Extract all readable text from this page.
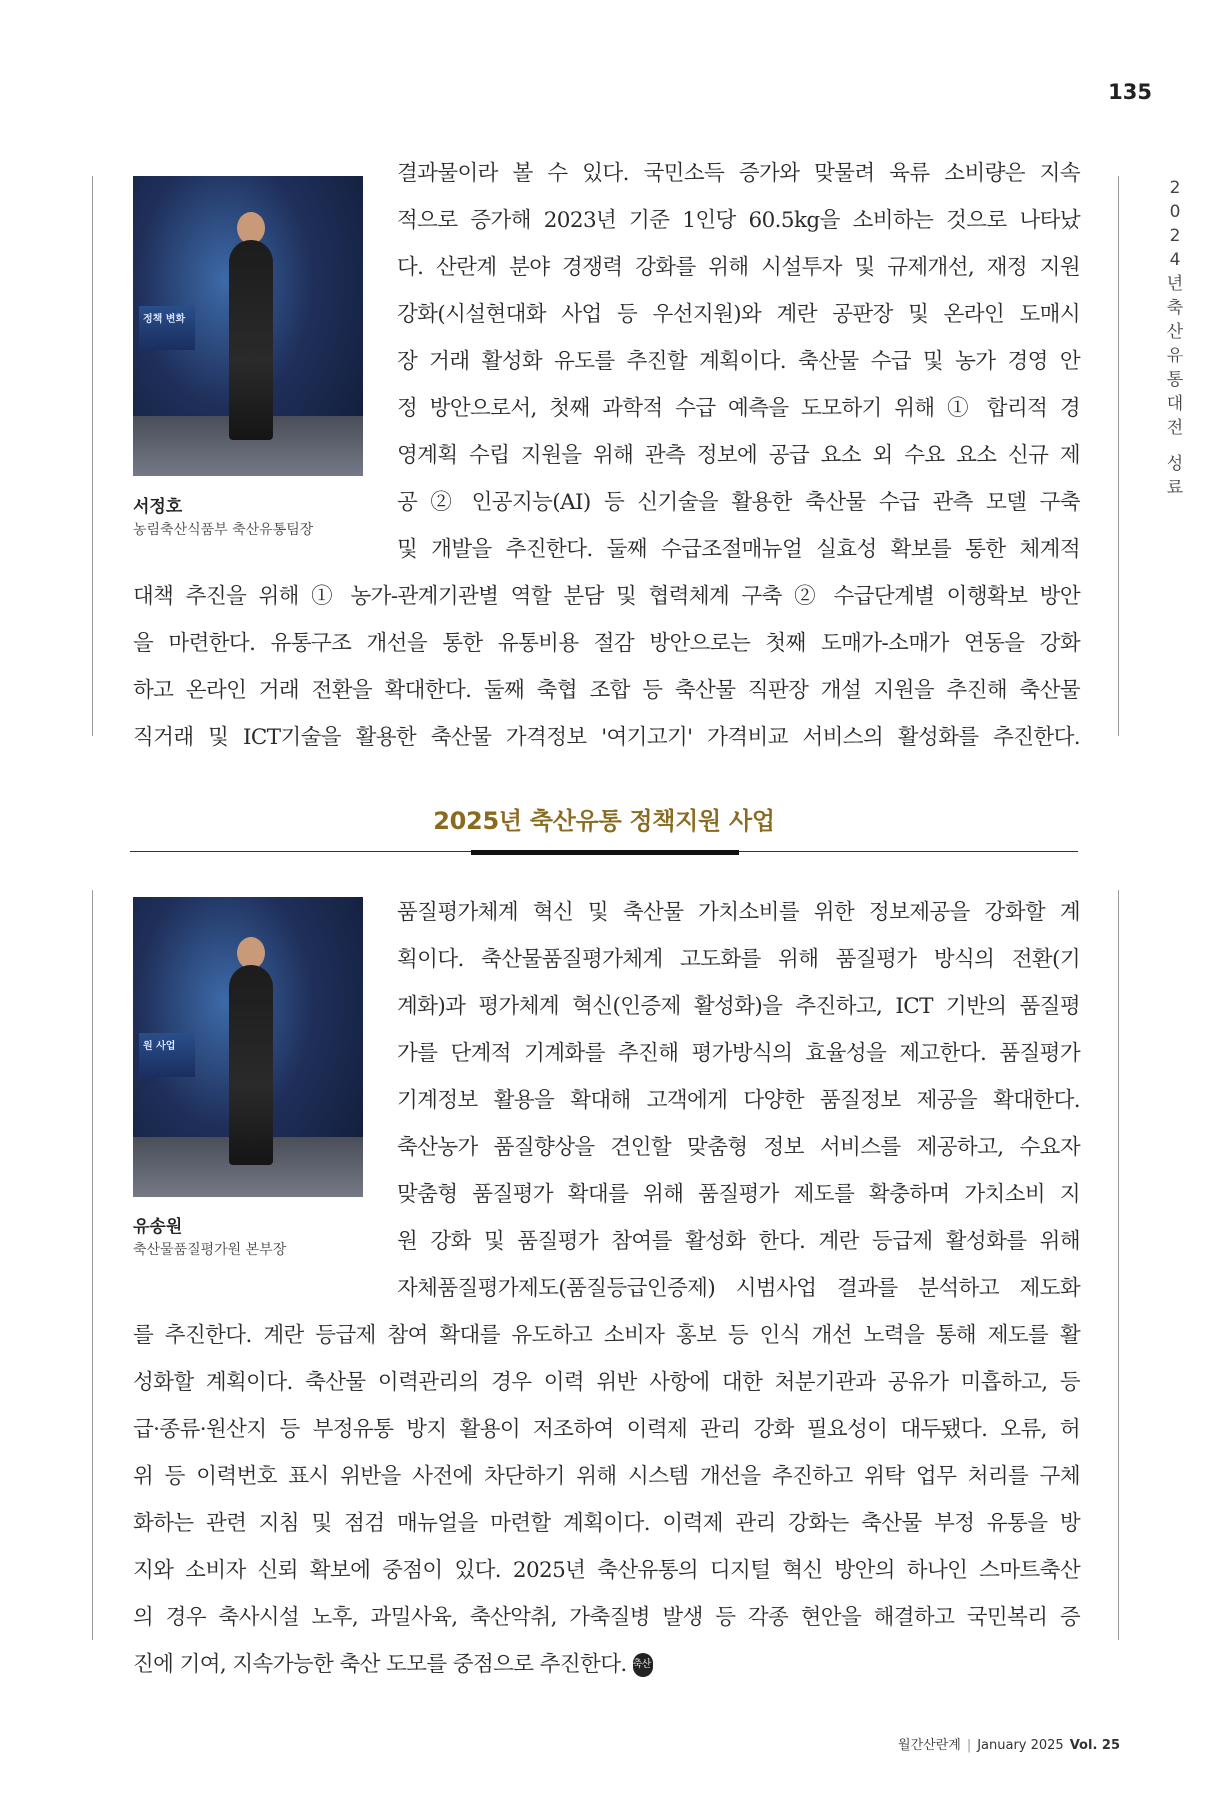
135
2
0
2
4
년
축
산
유
통
대
전
성
료
정책 변화
서정호
농림축산식품부 축산유통팀장
결과물이라 볼 수 있다. 국민소득 증가와 맞물려 육류 소비량은 지속
적으로 증가해 2023년 기준 1인당 60.5kg을 소비하는 것으로 나타났
다. 산란계 분야 경쟁력 강화를 위해 시설투자 및 규제개선, 재정 지원
강화(시설현대화 사업 등 우선지원)와 계란 공판장 및 온라인 도매시
장 거래 활성화 유도를 추진할 계획이다. 축산물 수급 및 농가 경영 안
정 방안으로서, 첫째 과학적 수급 예측을 도모하기 위해 ① 합리적 경
영계획 수립 지원을 위해 관측 정보에 공급 요소 외 수요 요소 신규 제
공 ② 인공지능(AI) 등 신기술을 활용한 축산물 수급 관측 모델 구축
및 개발을 추진한다. 둘째 수급조절매뉴얼 실효성 확보를 통한 체계적
대책 추진을 위해 ① 농가-관계기관별 역할 분담 및 협력체계 구축 ② 수급단계별 이행확보 방안
을 마련한다. 유통구조 개선을 통한 유통비용 절감 방안으로는 첫째 도매가-소매가 연동을 강화
하고 온라인 거래 전환을 확대한다. 둘째 축협 조합 등 축산물 직판장 개설 지원을 추진해 축산물
직거래 및 ICT기술을 활용한 축산물 가격정보 '여기고기' 가격비교 서비스의 활성화를 추진한다.
2025년 축산유통 정책지원 사업
원 사업
유송원
축산물품질평가원 본부장
품질평가체계 혁신 및 축산물 가치소비를 위한 정보제공을 강화할 계
획이다. 축산물품질평가체계 고도화를 위해 품질평가 방식의 전환(기
계화)과 평가체계 혁신(인증제 활성화)을 추진하고, ICT 기반의 품질평
가를 단계적 기계화를 추진해 평가방식의 효율성을 제고한다. 품질평가
기계정보 활용을 확대해 고객에게 다양한 품질정보 제공을 확대한다.
축산농가 품질향상을 견인할 맞춤형 정보 서비스를 제공하고, 수요자
맞춤형 품질평가 확대를 위해 품질평가 제도를 확충하며 가치소비 지
원 강화 및 품질평가 참여를 활성화 한다. 계란 등급제 활성화를 위해
자체품질평가제도(품질등급인증제) 시범사업 결과를 분석하고 제도화
를 추진한다. 계란 등급제 참여 확대를 유도하고 소비자 홍보 등 인식 개선 노력을 통해 제도를 활
성화할 계획이다. 축산물 이력관리의 경우 이력 위반 사항에 대한 처분기관과 공유가 미흡하고, 등
급·종류·원산지 등 부정유통 방지 활용이 저조하여 이력제 관리 강화 필요성이 대두됐다. 오류, 허
위 등 이력번호 표시 위반을 사전에 차단하기 위해 시스템 개선을 추진하고 위탁 업무 처리를 구체
화하는 관련 지침 및 점검 매뉴얼을 마련할 계획이다. 이력제 관리 강화는 축산물 부정 유통을 방
지와 소비자 신뢰 확보에 중점이 있다. 2025년 축산유통의 디지털 혁신 방안의 하나인 스마트축산
의 경우 축사시설 노후, 과밀사육, 축산악취, 가축질병 발생 등 각종 현안을 해결하고 국민복리 증
진에 기여, 지속가능한 축산 도모를 중점으로 추진한다. 축산
월간산란계 | January 2025 Vol. 25
